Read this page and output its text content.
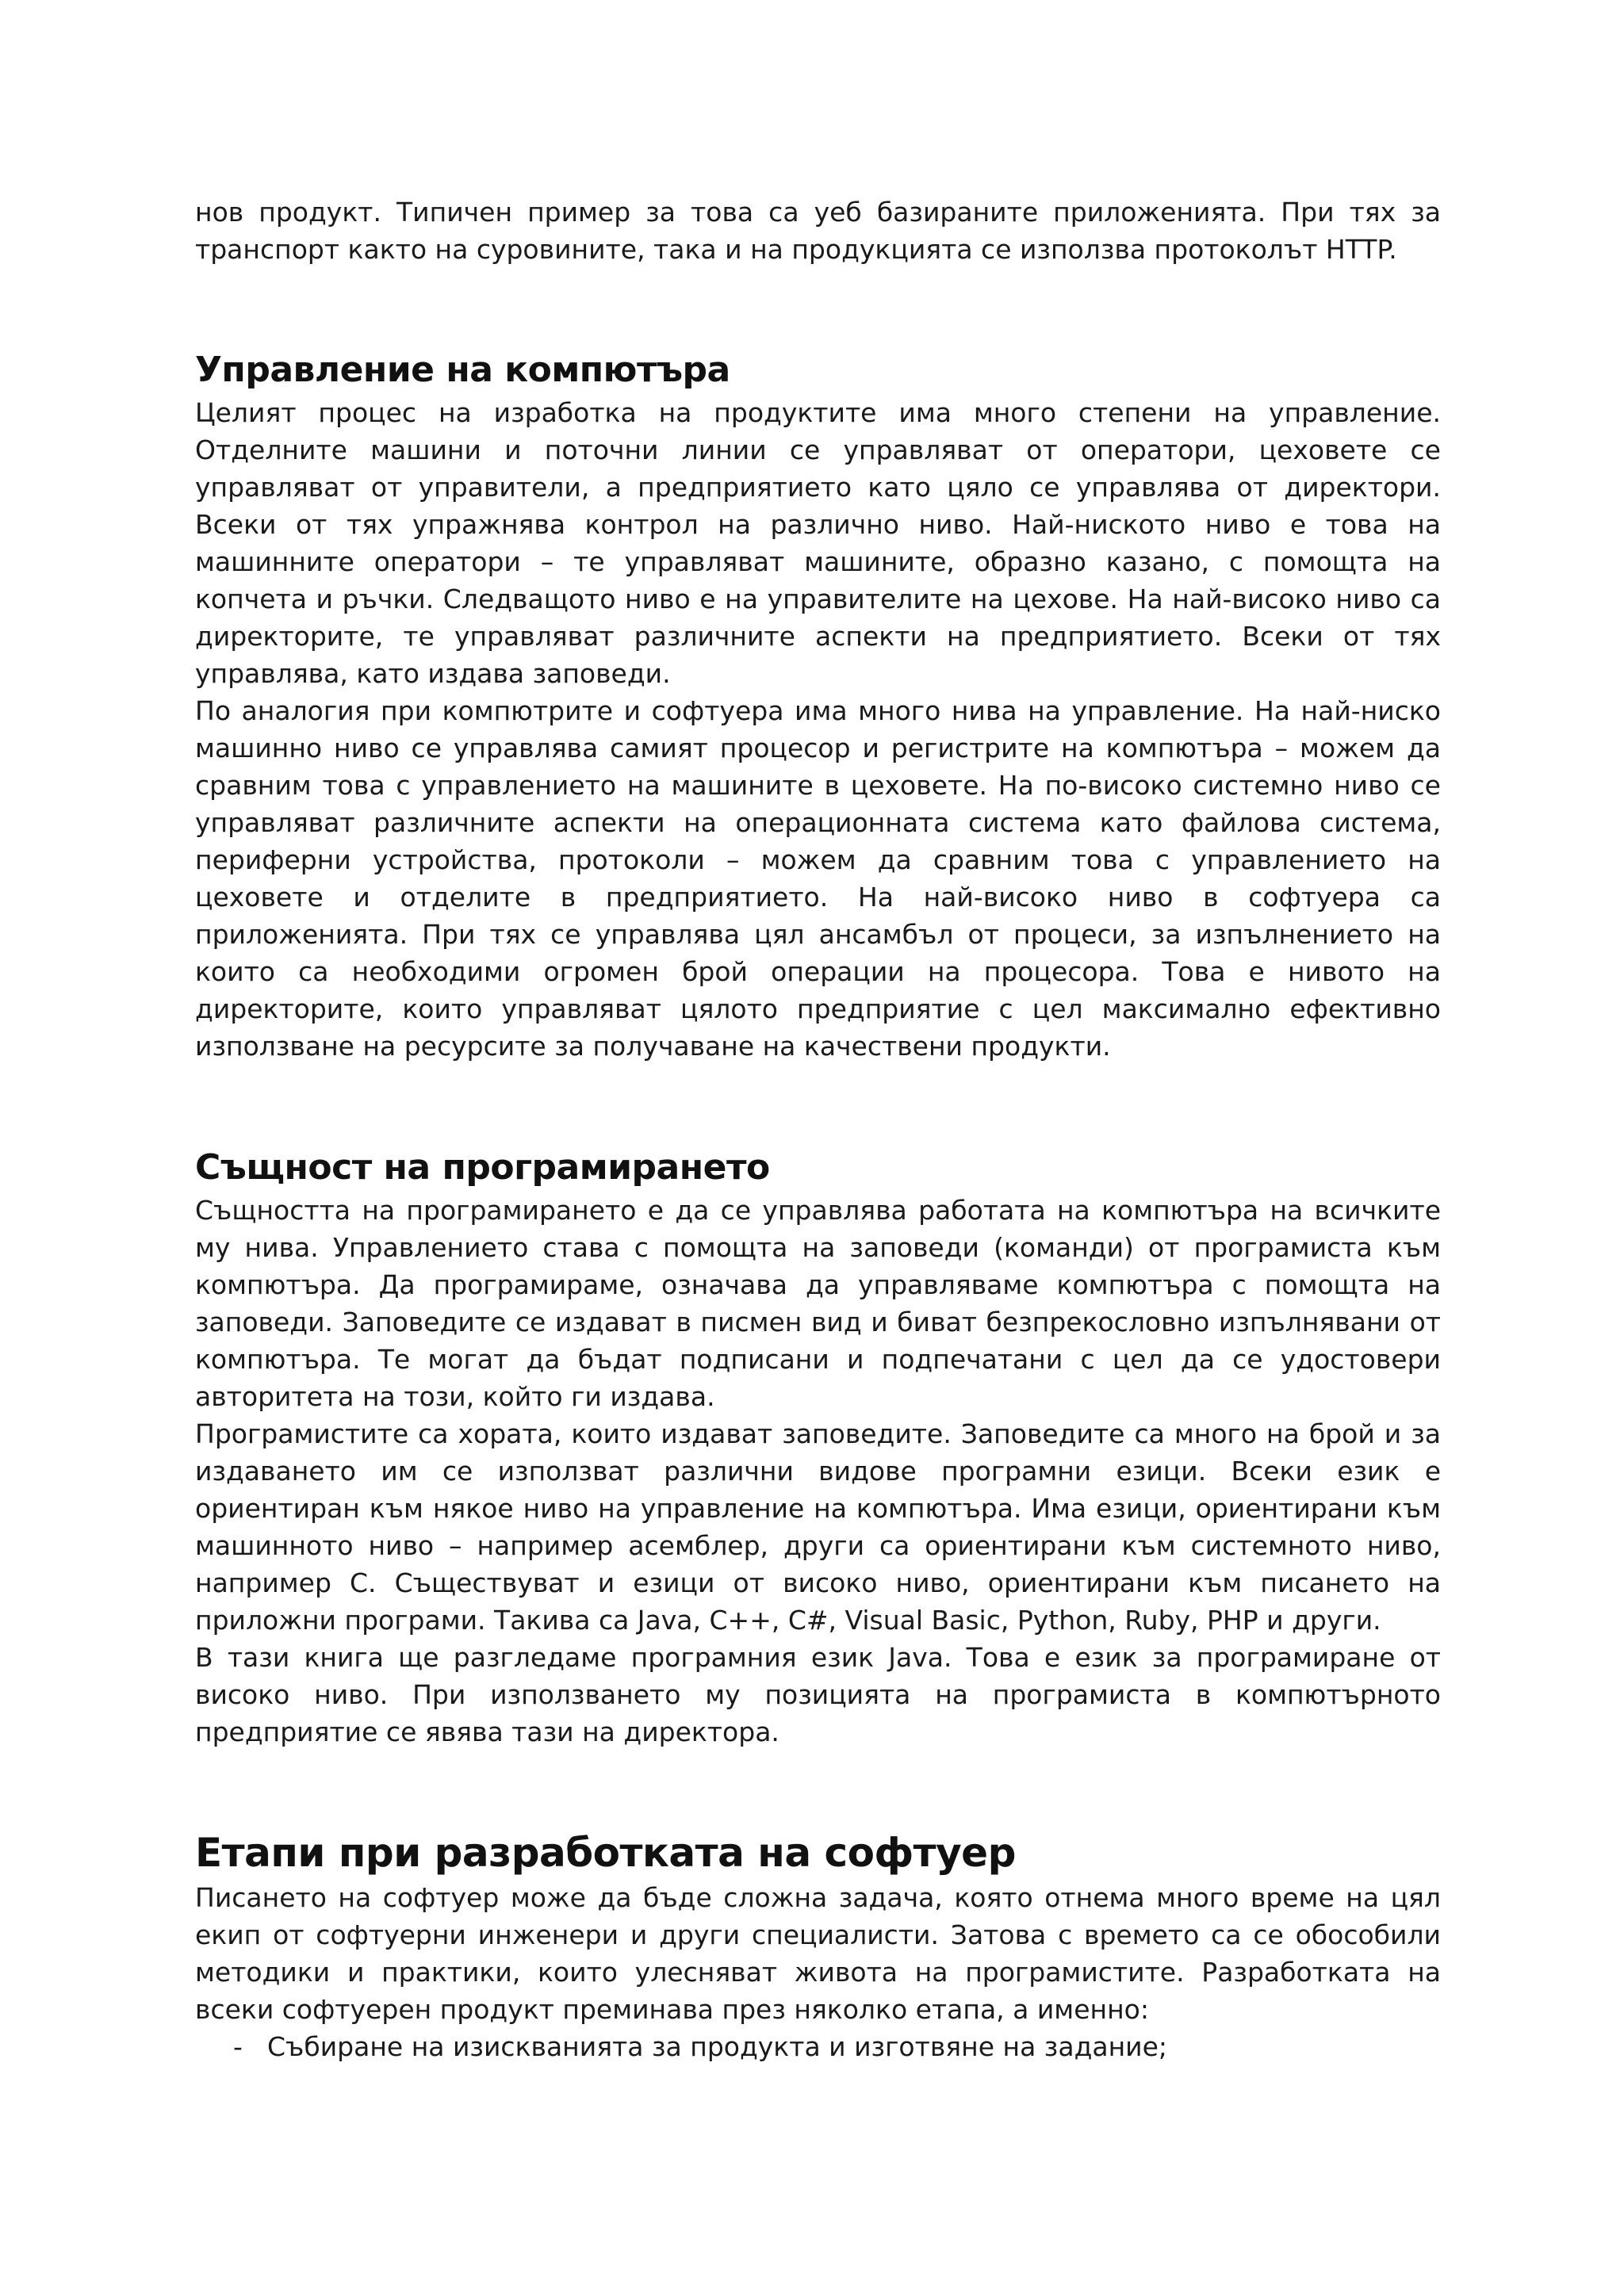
нов продукт. Типичен пример за това са уеб базираните приложенията. При тях за транспорт както на суровините, така и на продукцията се използва протоколът HTTP.

Управление на компютъра

Целият процес на изработка на продуктите има много степени на управление. Отделните машини и поточни линии се управляват от оператори, цеховете се управляват от управители, а предприятието като цяло се управлява от директори. Всеки от тях упражнява контрол на различно ниво. Най-ниското ниво е това на машинните оператори – те управляват машините, образно казано, с помощта на копчета и ръчки. Следващото ниво е на управителите на цехове. На най-високо ниво са директорите, те управляват различните аспекти на предприятието. Всеки от тях управлява, като издава заповеди.

По аналогия при компютрите и софтуера има много нива на управление. На най-ниско машинно ниво се управлява самият процесор и регистрите на компютъра – можем да сравним това с управлението на машините в цеховете. На по-високо системно ниво се управляват различните аспекти на операционната система като файлова система, периферни устройства, протоколи – можем да сравним това с управлението на цеховете и отделите в предприятието. На най-високо ниво в софтуера са приложенията. При тях се управлява цял ансамбъл от процеси, за изпълнението на които са необходими огромен брой операции на процесора. Това е нивото на директорите, които управляват цялото предприятие с цел максимално ефективно използване на ресурсите за получаване на качествени продукти.

Същност на програмирането

Същността на програмирането е да се управлява работата на компютъра на всичките му нива. Управлението става с помощта на заповеди (команди) от програмиста към компютъра. Да програмираме, означава да управляваме компютъра с помощта на заповеди. Заповедите се издават в писмен вид и биват безпрекословно изпълнявани от компютъра. Те могат да бъдат подписани и подпечатани с цел да се удостовери авторитета на този, който ги издава.

Програмистите са хората, които издават заповедите. Заповедите са много на брой и за издаването им се използват различни видове програмни езици. Всеки език е ориентиран към някое ниво на управление на компютъра. Има езици, ориентирани към машинното ниво – например асемблер, други са ориентирани към системното ниво, например C. Съществуват и езици от високо ниво, ориентирани към писането на приложни програми. Такива са Java, C++, C#, Visual Basic, Python, Ruby, PHP и други.

В тази книга ще разгледаме програмния език Java. Това е език за програмиране от високо ниво. При използването му позицията на програмиста в компютърното предприятие се явява тази на директора.

Етапи при разработката на софтуер

Писането на софтуер може да бъде сложна задача, която отнема много време на цял екип от софтуерни инженери и други специалисти. Затова с времето са се обособили методики и практики, които улесняват живота на програмистите. Разработката на всеки софтуерен продукт преминава през няколко етапа, а именно:

- Събиране на изискванията за продукта и изготвяне на задание;
